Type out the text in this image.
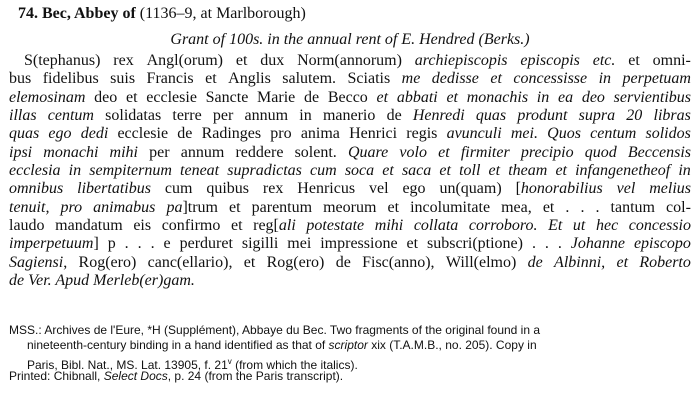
74. Bec, Abbey of (1136–9, at Marlborough)
Grant of 100s. in the annual rent of E. Hendred (Berks.)
S(tephanus) rex Angl(orum) et dux Norm(annorum) archiepiscopis episcopis etc. et omni-
bus fidelibus suis Francis et Anglis salutem. Sciatis me dedisse et concessisse in perpetuam
elemosinam deo et ecclesie Sancte Marie de Becco et abbati et monachis in ea deo servientibus
illas centum solidatas terre per annum in manerio de Henredi quas produnt supra 20 libras
quas ego dedi ecclesie de Radinges pro anima Henrici regis avunculi mei. Quos centum solidos
ipsi monachi mihi per annum reddere solent. Quare volo et firmiter precipio quod Beccensis
ecclesia in sempiternum teneat supradictas cum soca et saca et toll et theam et infangenetheof in
omnibus libertatibus cum quibus rex Henricus vel ego un(quam) [honorabilius vel melius
tenuit, pro animabus pa]trum et parentum meorum et incolumitate mea, et . . . tantum col-
laudo mandatum eis confirmo et reg[ali potestate mihi collata corroboro. Et ut hec concessio
imperpetuum] p . . . e perduret sigilli mei impressione et subscri(ptione) . . . Johanne episcopo
Sagiensi, Rog(ero) canc(ellario), et Rog(ero) de Fisc(anno), Will(elmo) de Albinni, et Roberto
de Ver. Apud Merleb(er)gam.
MSS.: Archives de l'Eure, *H (Supplément), Abbaye du Bec. Two fragments of the original found in a
nineteenth-century binding in a hand identified as that of scriptor xix (T.A.M.B., no. 205). Copy in
Paris, Bibl. Nat., MS. Lat. 13905, f. 21$^v$ (from which the italics).
Printed: Chibnall, Select Docs, p. 24 (from the Paris transcript).
